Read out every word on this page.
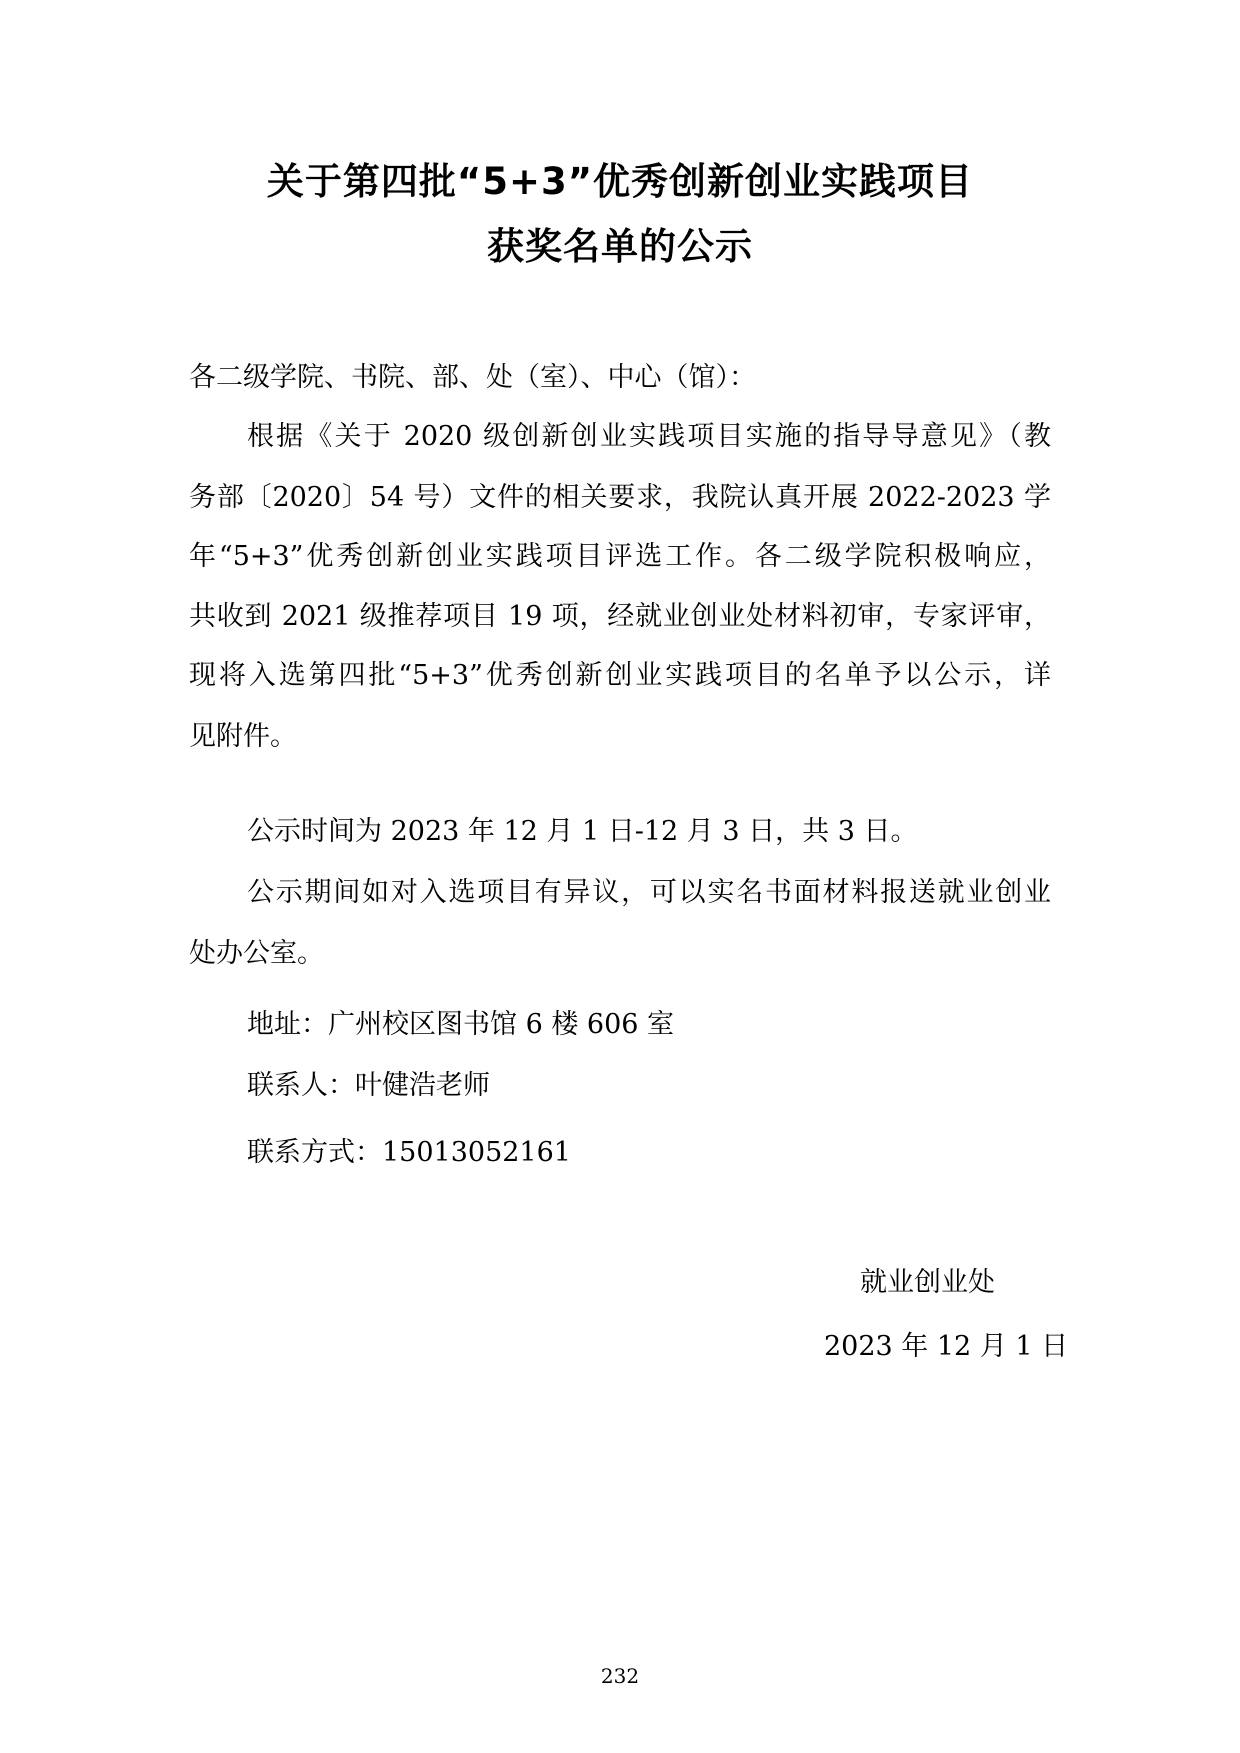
关于第四批“5+3”优秀创新创业实践项目
获奖名单的公示
各二级学院、书院、部、处（室）、中心（馆）：
根据《关于 2020 级创新创业实践项目实施的指导导意见》（教
务部〔2020〕54 号）文件的相关要求，我院认真开展 2022-2023 学
年“5+3”优秀创新创业实践项目评选工作。各二级学院积极响应，
共收到 2021 级推荐项目 19 项，经就业创业处材料初审，专家评审，
现将入选第四批“5+3”优秀创新创业实践项目的名单予以公示，详
见附件。
公示时间为 2023 年 12 月 1 日-12 月 3 日，共 3 日。
公示期间如对入选项目有异议，可以实名书面材料报送就业创业
处办公室。
地址：广州校区图书馆 6 楼 606 室
联系人：叶健浩老师
联系方式：15013052161
就业创业处
2023 年 12 月 1 日
232
